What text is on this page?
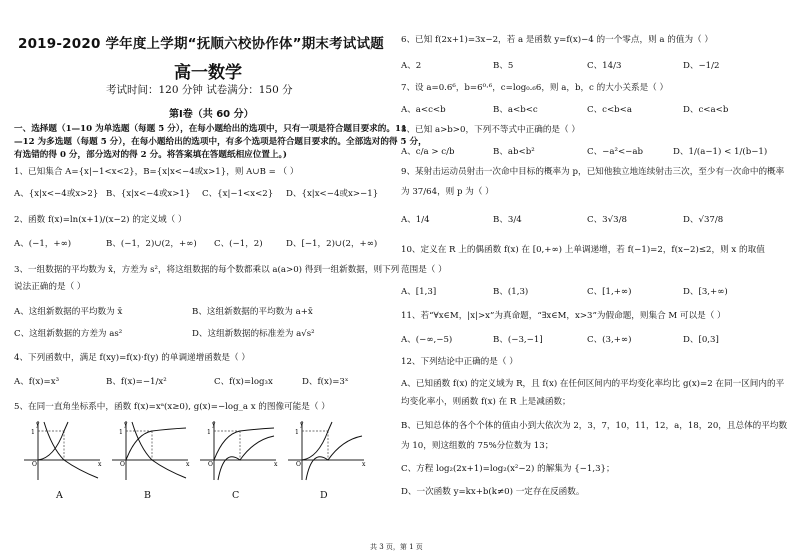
2019-2020 学年度上学期“抚顺六校协作体”期末考试试题
高一数学
考试时间：120 分钟 试卷满分：150 分
第Ⅰ卷（共 60 分）
一、选择题（1—10 为单选题（每题 5 分），在每小题给出的选项中，只有一项是符合题目要求的。11
—12 为多选题（每题 5 分），在每小题给出的选项中，有多个选项是符合题目要求的。全部选对的得 5 分，
有选错的得 0 分，部分选对的得 2 分。将答案填在答题纸相应位置上。)
1、已知集合 A={x|−1<x<2}，B={x|x<−4或x>1}，则 A∪B = （ ）
A、{x|x<−4或x>2} B、{x|x<−4或x>1} C、{x|−1<x<2} D、{x|x<−4或x>−1}
2、函数 f(x)=ln(x+1)/(x−2) 的定义域（ ）
A、(−1，+∞)	B、(−1，2)∪(2，+∞) C、(−1，2)	D、[−1，2)∪(2，+∞)
3、一组数据的平均数为 x̄，方差为 s²，将这组数据的每个数都乘以 a(a>0) 得到一组新数据，则下列
说法正确的是（ ）
A、这组新数据的平均数为 x̄	B、这组新数据的平均数为 a+x̄
C、这组新数据的方差为 as²	D、这组新数据的标准差为 a√s²
4、下列函数中，满足 f(xy)=f(x)·f(y) 的单调递增函数是（ ）
A、f(x)=x³	B、f(x)=−1/x²	C、f(x)=log₃x	D、f(x)=3ˣ
5、在同一直角坐标系中，函数 f(x)=xᵃ(x≥0), g(x)=−log_a x 的图像可能是（ ）
y
x
O
1
y
x
O
1
y
x
O
1
y
x
O
1
A	B	C	D
6、已知 f(2x+1)=3x−2，若 a 是函数 y=f(x)−4 的一个零点，则 a 的值为（ ）
A、2	B、5	C、14/3	D、−1/2
7、设 a=0.6⁶，b=6⁰·⁶，c=log₀.₆6，则 a，b，c 的大小关系是（ ）
A、a<c<b	B、a<b<c	C、c<b<a	D、c<a<b
8、已知 a>b>0，下列不等式中正确的是（ ）
A、c/a > c/b	B、ab<b²	C、−a²<−ab	D、1/(a−1) < 1/(b−1)
9、某射击运动员射击一次命中目标的概率为 p，已知他独立地连续射击三次，至少有一次命中的概率
为 37/64，则 p 为（ ）
A、1/4	B、3/4	C、3√3/8	D、√37/8
10、定义在 R 上的偶函数 f(x) 在 [0,+∞) 上单调递增，若 f(−1)=2，f(x−2)≤2，则 x 的取值
范围是（ ）
A、[1,3]	B、(1,3)	C、[1,+∞)	D、[3,+∞)
11、若“∀x∈M，|x|>x”为真命题，“∃x∈M，x>3”为假命题，则集合 M 可以是（ ）
A、(−∞,−5)	B、(−3,−1]	C、(3,+∞)	D、[0,3]
12、下列结论中正确的是（ ）
A、已知函数 f(x) 的定义域为 R，且 f(x) 在任何区间内的平均变化率均比 g(x)=2 在同一区间内的平
均变化率小，则函数 f(x) 在 R 上是减函数；
B、已知总体的各个个体的值由小到大依次为 2，3，7，10，11，12，a，18，20，且总体的平均数
为 10，则这组数的 75%分位数为 13；
C、方程 log₂(2x+1)=log₂(x²−2) 的解集为 {−1,3}；
D、一次函数 y=kx+b(k≠0) 一定存在反函数。
共 3 页，第 1 页
